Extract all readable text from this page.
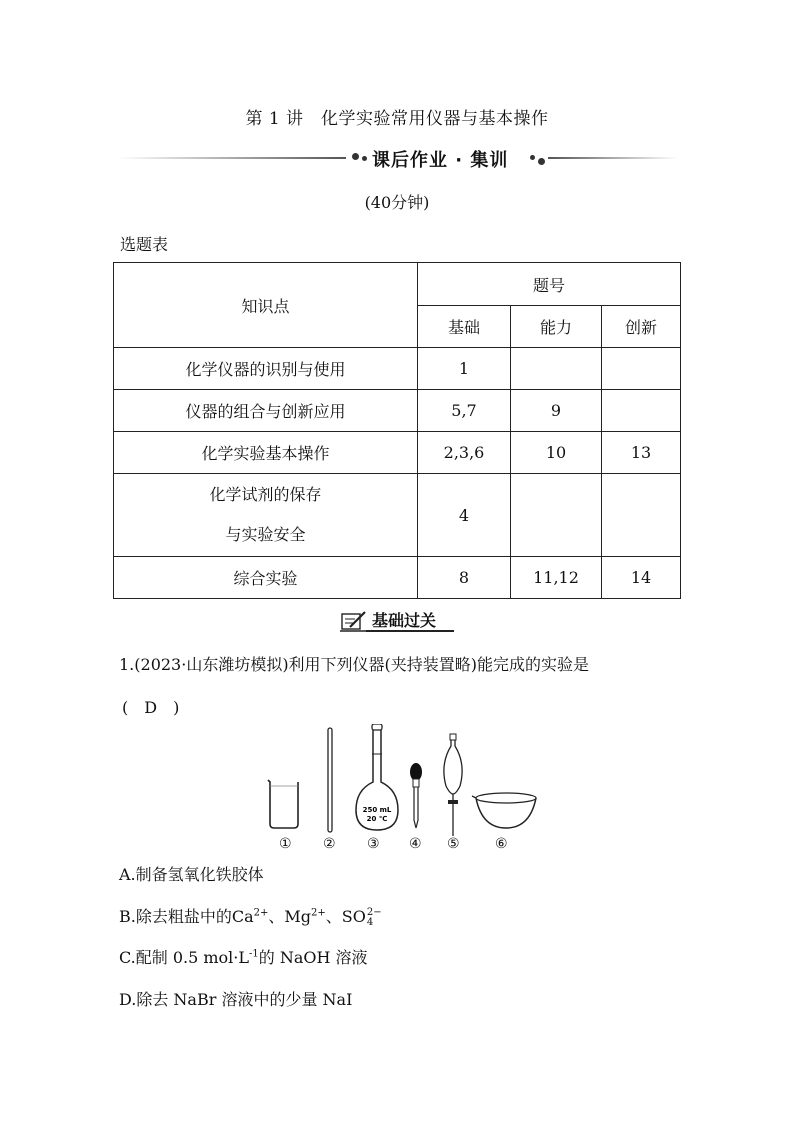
第 1 讲　化学实验常用仪器与基本操作
课后作业 · 集训
(40分钟)
选题表
知识点	题号		
	基础	能力	创新
化学仪器的识别与使用	1		
仪器的组合与创新应用	5,7	9	
化学实验基本操作	2,3,6	10	13

化学试剂的保存
与实验安全	4		
综合实验	8	11,12	14
基础过关
1.(2023·山东潍坊模拟)利用下列仪器(夹持装置略)能完成的实验是
(　D　)
250 mL
20 ℃
① ② ③ ④ ⑤	⑥
A.制备氢氧化铁胶体
B.除去粗盐中的$Ca^{2+}$、$Mg^{2+}$、SO 2−
4
C.配制 0.5 $mol\cdot L^{-1}$的 NaOH 溶液
D.除去 NaBr 溶液中的少量 NaI
